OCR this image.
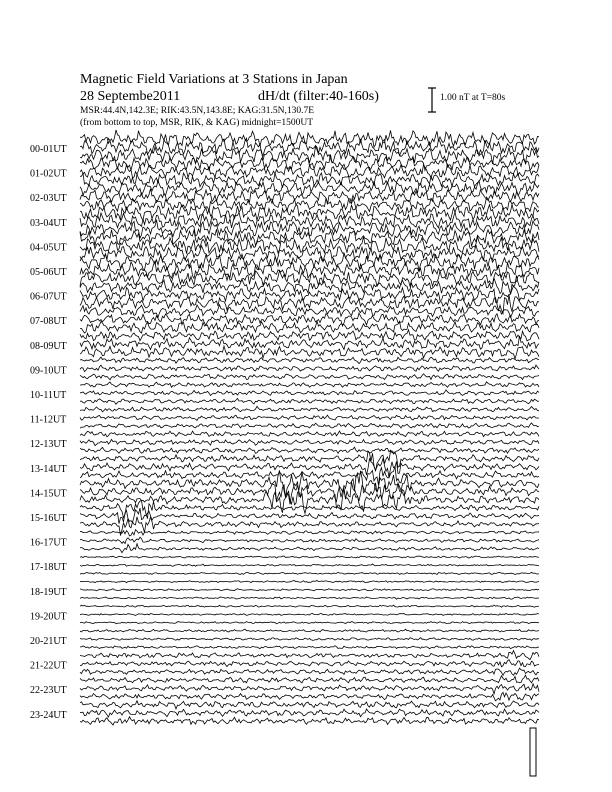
Magnetic Field Variations at 3 Stations in Japan
28 Septembe2011	dH/dt (filter:40-160s)
MSR:44.4N,142.3E; RIK:43.5N,143.8E; KAG:31.5N,130.7E
(from bottom to top, MSR, RIK, & KAG) midnight=1500UT
1.00 nT at T=80s
00-01UT
01-02UT
02-03UT
03-04UT
04-05UT
05-06UT
06-07UT
07-08UT
08-09UT
09-10UT
10-11UT
11-12UT
12-13UT
13-14UT
14-15UT
15-16UT
16-17UT
17-18UT
18-19UT
19-20UT
20-21UT
21-22UT
22-23UT
23-24UT
